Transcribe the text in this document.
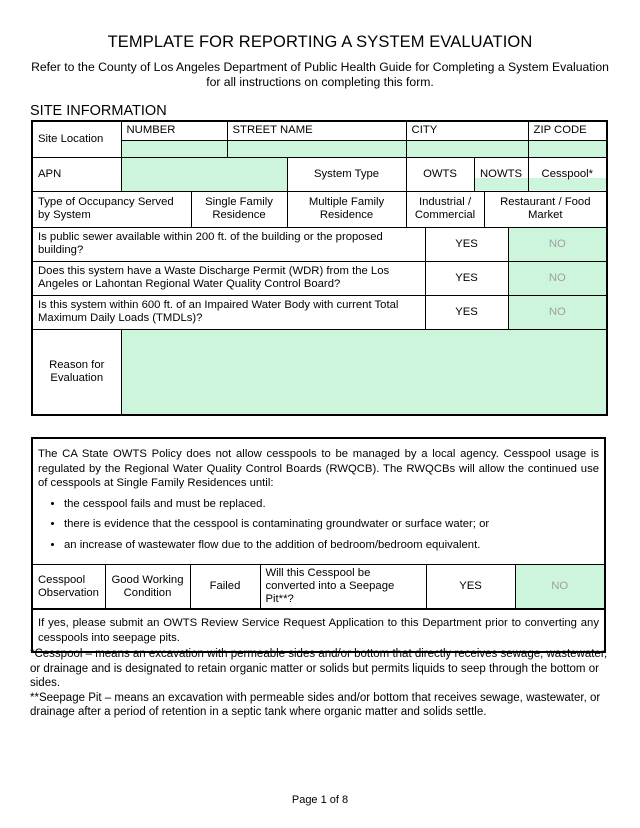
TEMPLATE FOR REPORTING A SYSTEM EVALUATION
Refer to the County of Los Angeles Department of Public Health Guide for Completing a System Evaluation
for all instructions on completing this form.
SITE INFORMATION
Site Location	NUMBER		STREET NAME		CITY					ZIP CODE

APN				System Type	OWTS		NOWTS			Cesspool*
Type of Occupancy Served by System		Single Family Residence		Multiple Family Residence	Industrial / Commercial			Restaurant / Food Market		
Is public sewer available within 200 ft. of the building or the proposed building?						YES			NO	
Does this system have a Waste Discharge Permit (WDR) from the Los Angeles or Lahontan Regional Water Quality Control Board?						YES			NO	
Is this system within 600 ft. of an Impaired Water Body with current Total Maximum Daily Loads (TMDLs)?						YES			NO	
Reason for Evaluation										
The CA State OWTS Policy does not allow cesspools to be managed by a local agency. Cesspool usage is regulated by the Regional Water Quality Control Boards (RWQCB). The RWQCBs will allow the continued use of cesspools at Single Family Residences until:
• the cesspool fails and must be replaced.
• there is evidence that the cesspool is contaminating groundwater or surface water; or
• an increase of wastewater flow due to the addition of bedroom/bedroom equivalent.
Cesspool Observation	Good Working Condition	Failed	Will this Cesspool be converted into a Seepage Pit**?	YES	NO
If yes, please submit an OWTS Review Service Request Application to this Department prior to converting any cesspools into seepage pits.
*Cesspool – means an excavation with permeable sides and/or bottom that directly receives sewage, wastewater, or drainage and is designated to retain organic matter or solids but permits liquids to seep through the bottom or sides.
**Seepage Pit – means an excavation with permeable sides and/or bottom that receives sewage, wastewater, or drainage after a period of retention in a septic tank where organic matter and solids settle.
Page 1 of 8
